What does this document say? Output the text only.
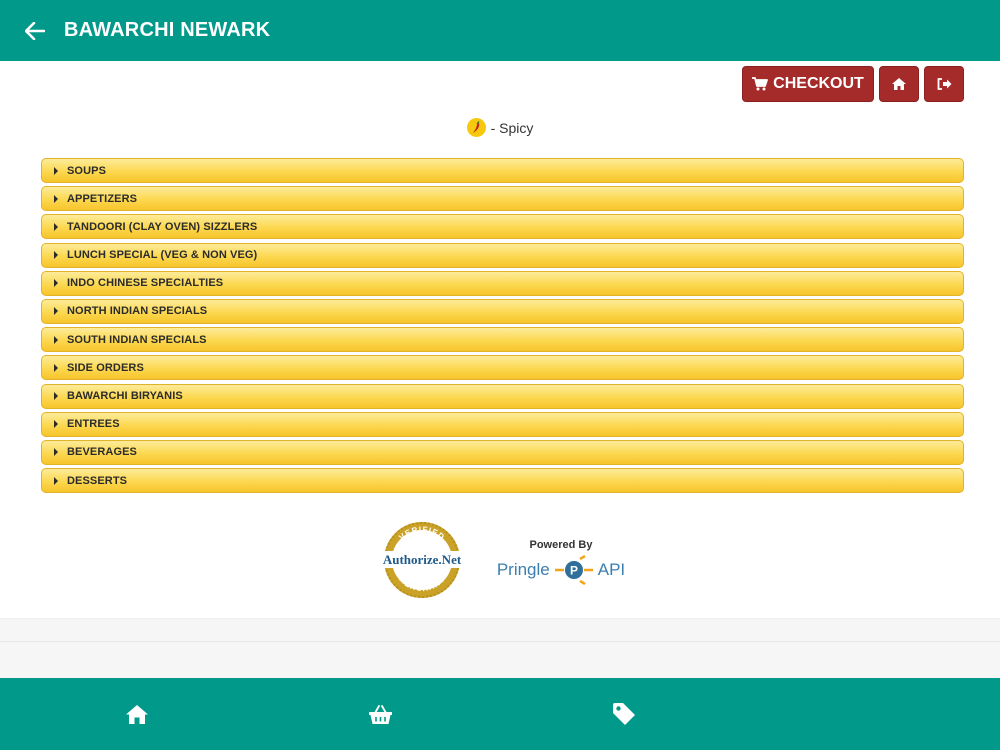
BAWARCHI NEWARK
CHECKOUT
- Spicy
SOUPS
APPETIZERS
TANDOORI (CLAY OVEN) SIZZLERS
LUNCH SPECIAL (VEG & NON VEG)
INDO CHINESE SPECIALTIES
NORTH INDIAN SPECIALS
SOUTH INDIAN SPECIALS
SIDE ORDERS
BAWARCHI BIRYANIS
ENTREES
BEVERAGES
DESSERTS
VERIFIED
Authorize.Net
MERCHANT
Powered By
Pringle P API
